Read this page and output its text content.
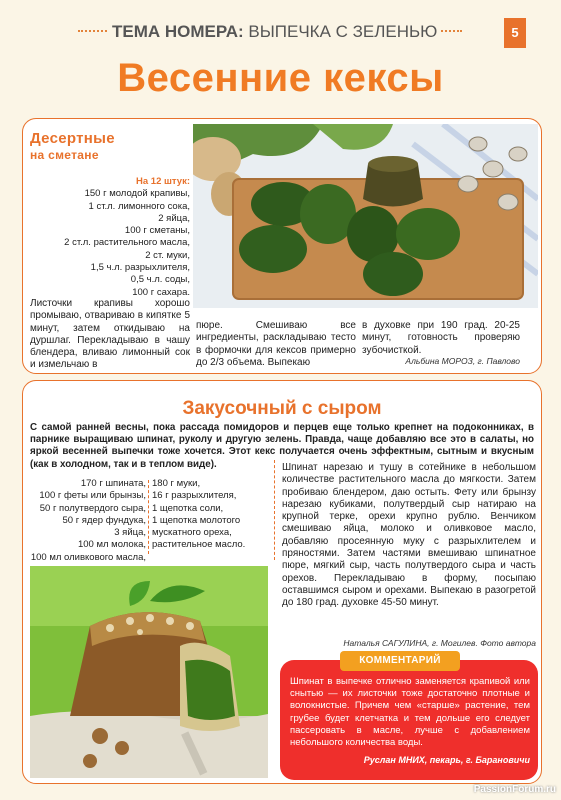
ТЕМА НОМЕРА: ВЫПЕЧКА С ЗЕЛЕНЬЮ	5
Весенние кексы
Десертные
на сметане
На 12 штук:
150 г молодой крапивы,
1 ст.л. лимонного сока,
2 яйца,
100 г сметаны,
2 ст.л. растительного масла,
2 ст. муки,
1,5 ч.л. разрыхлителя,
0,5 ч.л. соды,
100 г сахара.
Листочки крапивы хорошо промываю, отвариваю в кипятке 5 минут, затем откидываю на дуршлаг. Перекладываю в чашу блендера, вливаю лимонный сок и измельчаю в
пюре. Смешиваю все ингредиенты, раскладываю тесто в формочки для кексов примерно до 2/3 объема. Выпекаю
в духовке при 190 град. 20-25 минут, готовность проверяю зубочисткой.
Альбина МОРОЗ, г. Павлово
Закусочный с сыром
С самой ранней весны, пока рассада помидоров и перцев еще только крепнет на подоконниках, в парнике выращиваю шпинат, руколу и другую зелень. Правда, чаще добавляю все это в салаты, но яркой весенней выпечки тоже хочется. Этот кекс получается очень эффектным, сытным и вкусным (как в холодном, так и в теплом виде).
170 г шпината,
100 г феты или брынзы,
50 г полутвердого сыра,
50 г ядер фундука,
3 яйца,
100 мл молока,
100 мл оливкового масла,
180 г муки,
16 г разрыхлителя,
1 щепотка соли,
1 щепотка молотого
мускатного ореха,
растительное масло.
Шпинат нарезаю и тушу в сотейнике в небольшом количестве растительного масла до мягкости. Затем пробиваю блендером, даю остыть. Фету или брынзу нарезаю кубиками, полутвердый сыр натираю на крупной терке, орехи крупно рублю. Венчиком смешиваю яйца, молоко и оливковое масло, добавляю просеянную муку с разрыхлителем и пряностями. Затем частями вмешиваю шпинатное пюре, мягкий сыр, часть полутвердого сыра и часть орехов. Перекладываю в форму, посыпаю оставшимся сыром и орехами. Выпекаю в разогретой до 180 град. духовке 45-50 минут.
Наталья САГУЛИНА, г. Могилев. Фото автора
КОММЕНТАРИЙ
Шпинат в выпечке отлично заменяется крапивой или снытью — их листочки тоже достаточно плотные и волокнистые. Причем чем «старше» растение, тем грубее будет клетчатка и тем дольше его следует пассеровать в масле, лучше с добавлением небольшого количества воды.
Руслан МНИХ, пекарь, г. Барановичи
PassionForum.ru
